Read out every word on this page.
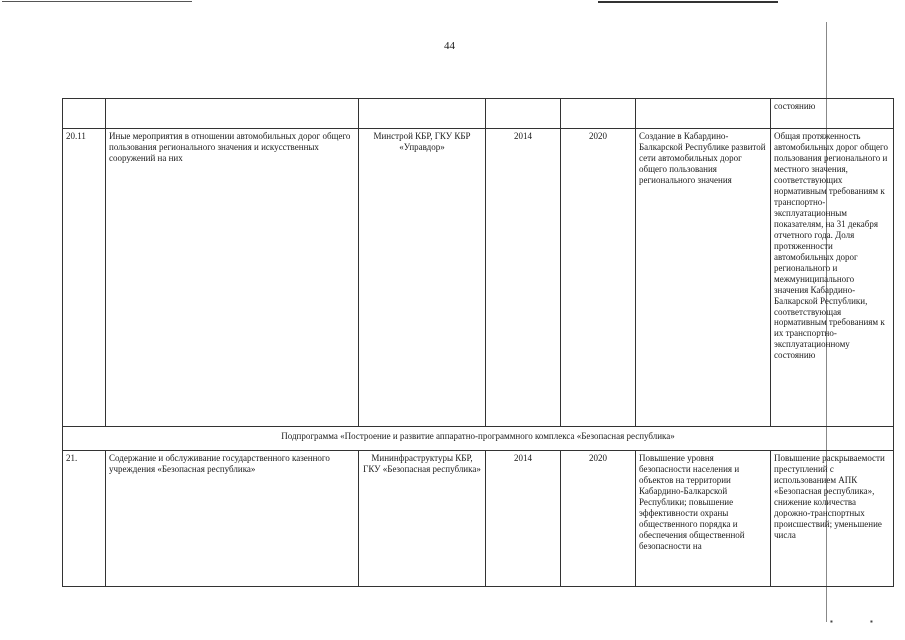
▪	▪
44
						состоянию
20.11	Иные мероприятия в отношении автомобильных дорог общего пользования регионального значения и искусственных сооружений на них	Минстрой КБР, ГКУ КБР «Управдор»	2014	2020	Создание в Кабардино-Балкарской Республике развитой сети автомобильных дорог общего пользования регионального значения	Общая протяженность автомобильных дорог общего пользования регионального и местного значения, соответствующих нормативным требованиям к транспортно-эксплуатационным показателям, на 31 декабря отчетного года. Доля протяженности автомобильных дорог регионального и межмуниципального значения Кабардино-Балкарской Республики, соответствующая нормативным требованиям к их транспортно-эксплуатационному состоянию
Подпрограмма «Построение и развитие аппаратно-программного комплекса «Безопасная республика»						
21.	Содержание и обслуживание государственного казенного учреждения «Безопасная республика»	Мининфраструктуры КБР, ГКУ «Безопасная республика»	2014	2020	Повышение уровня безопасности населения и объектов на территории Кабардино-Балкарской Республики; повышение эффективности охраны общественного порядка и обеспечения общественной безопасности на	Повышение раскрываемости преступлений с использованием АПК «Безопасная республика», снижение количества дорожно-транспортных происшествий; уменьшение числа
